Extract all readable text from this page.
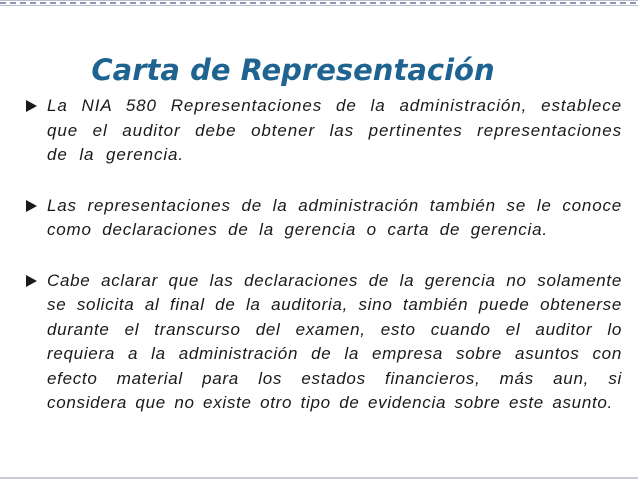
Carta de Representación
La NIA 580 Representaciones de la administración, establece que el auditor debe obtener las pertinentes representaciones de la gerencia.
Las representaciones de la administración también se le conoce como declaraciones de la gerencia o carta de gerencia.
Cabe aclarar que las declaraciones de la gerencia no solamente se solicita al final de la auditoria, sino también puede obtenerse durante el transcurso del examen, esto cuando el auditor lo requiera a la administración de la empresa sobre asuntos con efecto material para los estados financieros, más aun, si considera que no existe otro tipo de evidencia sobre este asunto.
